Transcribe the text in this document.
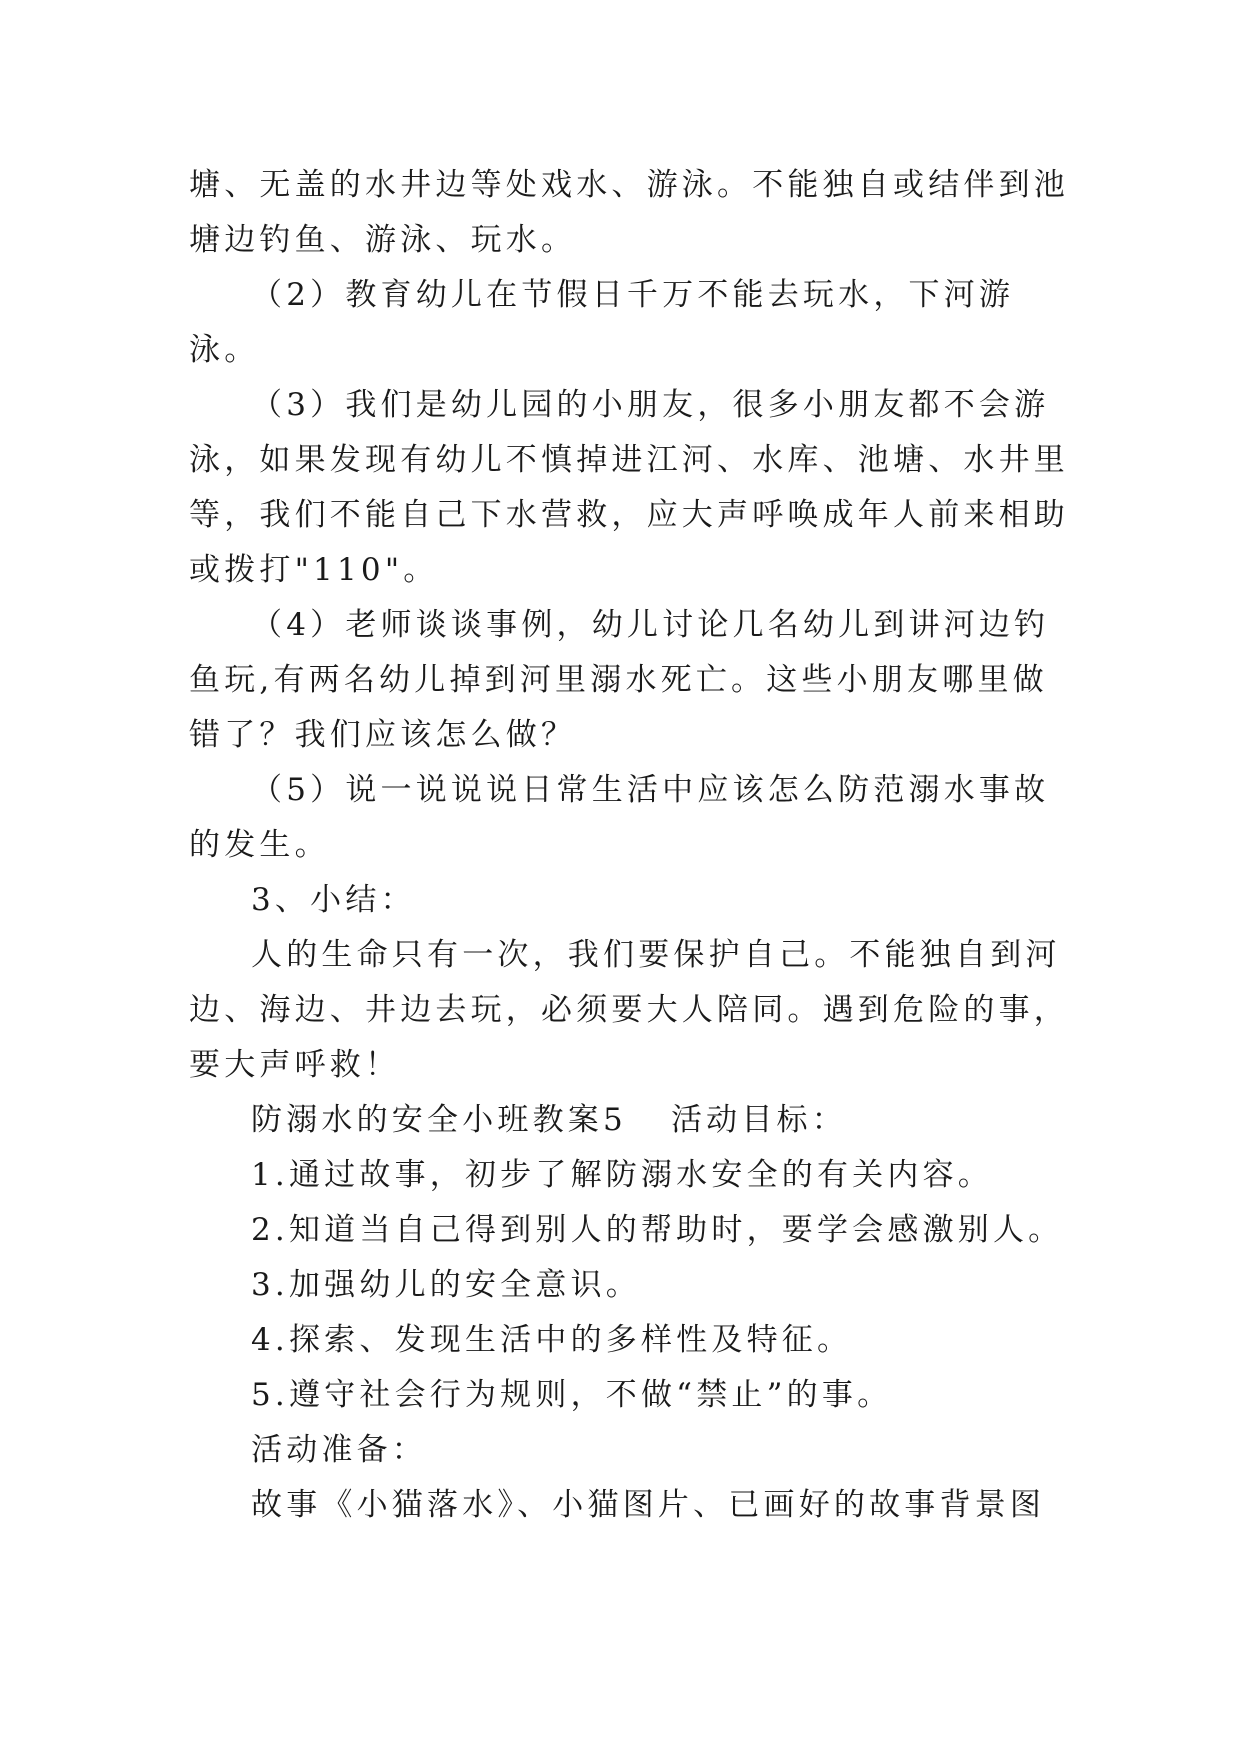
塘、无盖的水井边等处戏水、游泳。不能独自或结伴到池塘边钓鱼、游泳、玩水。

（2）教育幼儿在节假日千万不能去玩水，下河游泳。

（3）我们是幼儿园的小朋友，很多小朋友都不会游泳，如果发现有幼儿不慎掉进江河、水库、池塘、水井里等，我们不能自己下水营救，应大声呼唤成年人前来相助或拨打"110"。

（4）老师谈谈事例，幼儿讨论几名幼儿到讲河边钓鱼玩,有两名幼儿掉到河里溺水死亡。这些小朋友哪里做错了？我们应该怎么做？

（5）说一说说说日常生活中应该怎么防范溺水事故的发生。

3、小结：

人的生命只有一次，我们要保护自己。不能独自到河边、海边、井边去玩，必须要大人陪同。遇到危险的事，要大声呼救！

防溺水的安全小班教案5 活动目标：

1.通过故事，初步了解防溺水安全的有关内容。

2.知道当自己得到别人的帮助时，要学会感激别人。

3.加强幼儿的安全意识。

4.探索、发现生活中的多样性及特征。

5.遵守社会行为规则，不做“禁止”的事。

活动准备：

故事《小猫落水》、小猫图片、已画好的故事背景图
